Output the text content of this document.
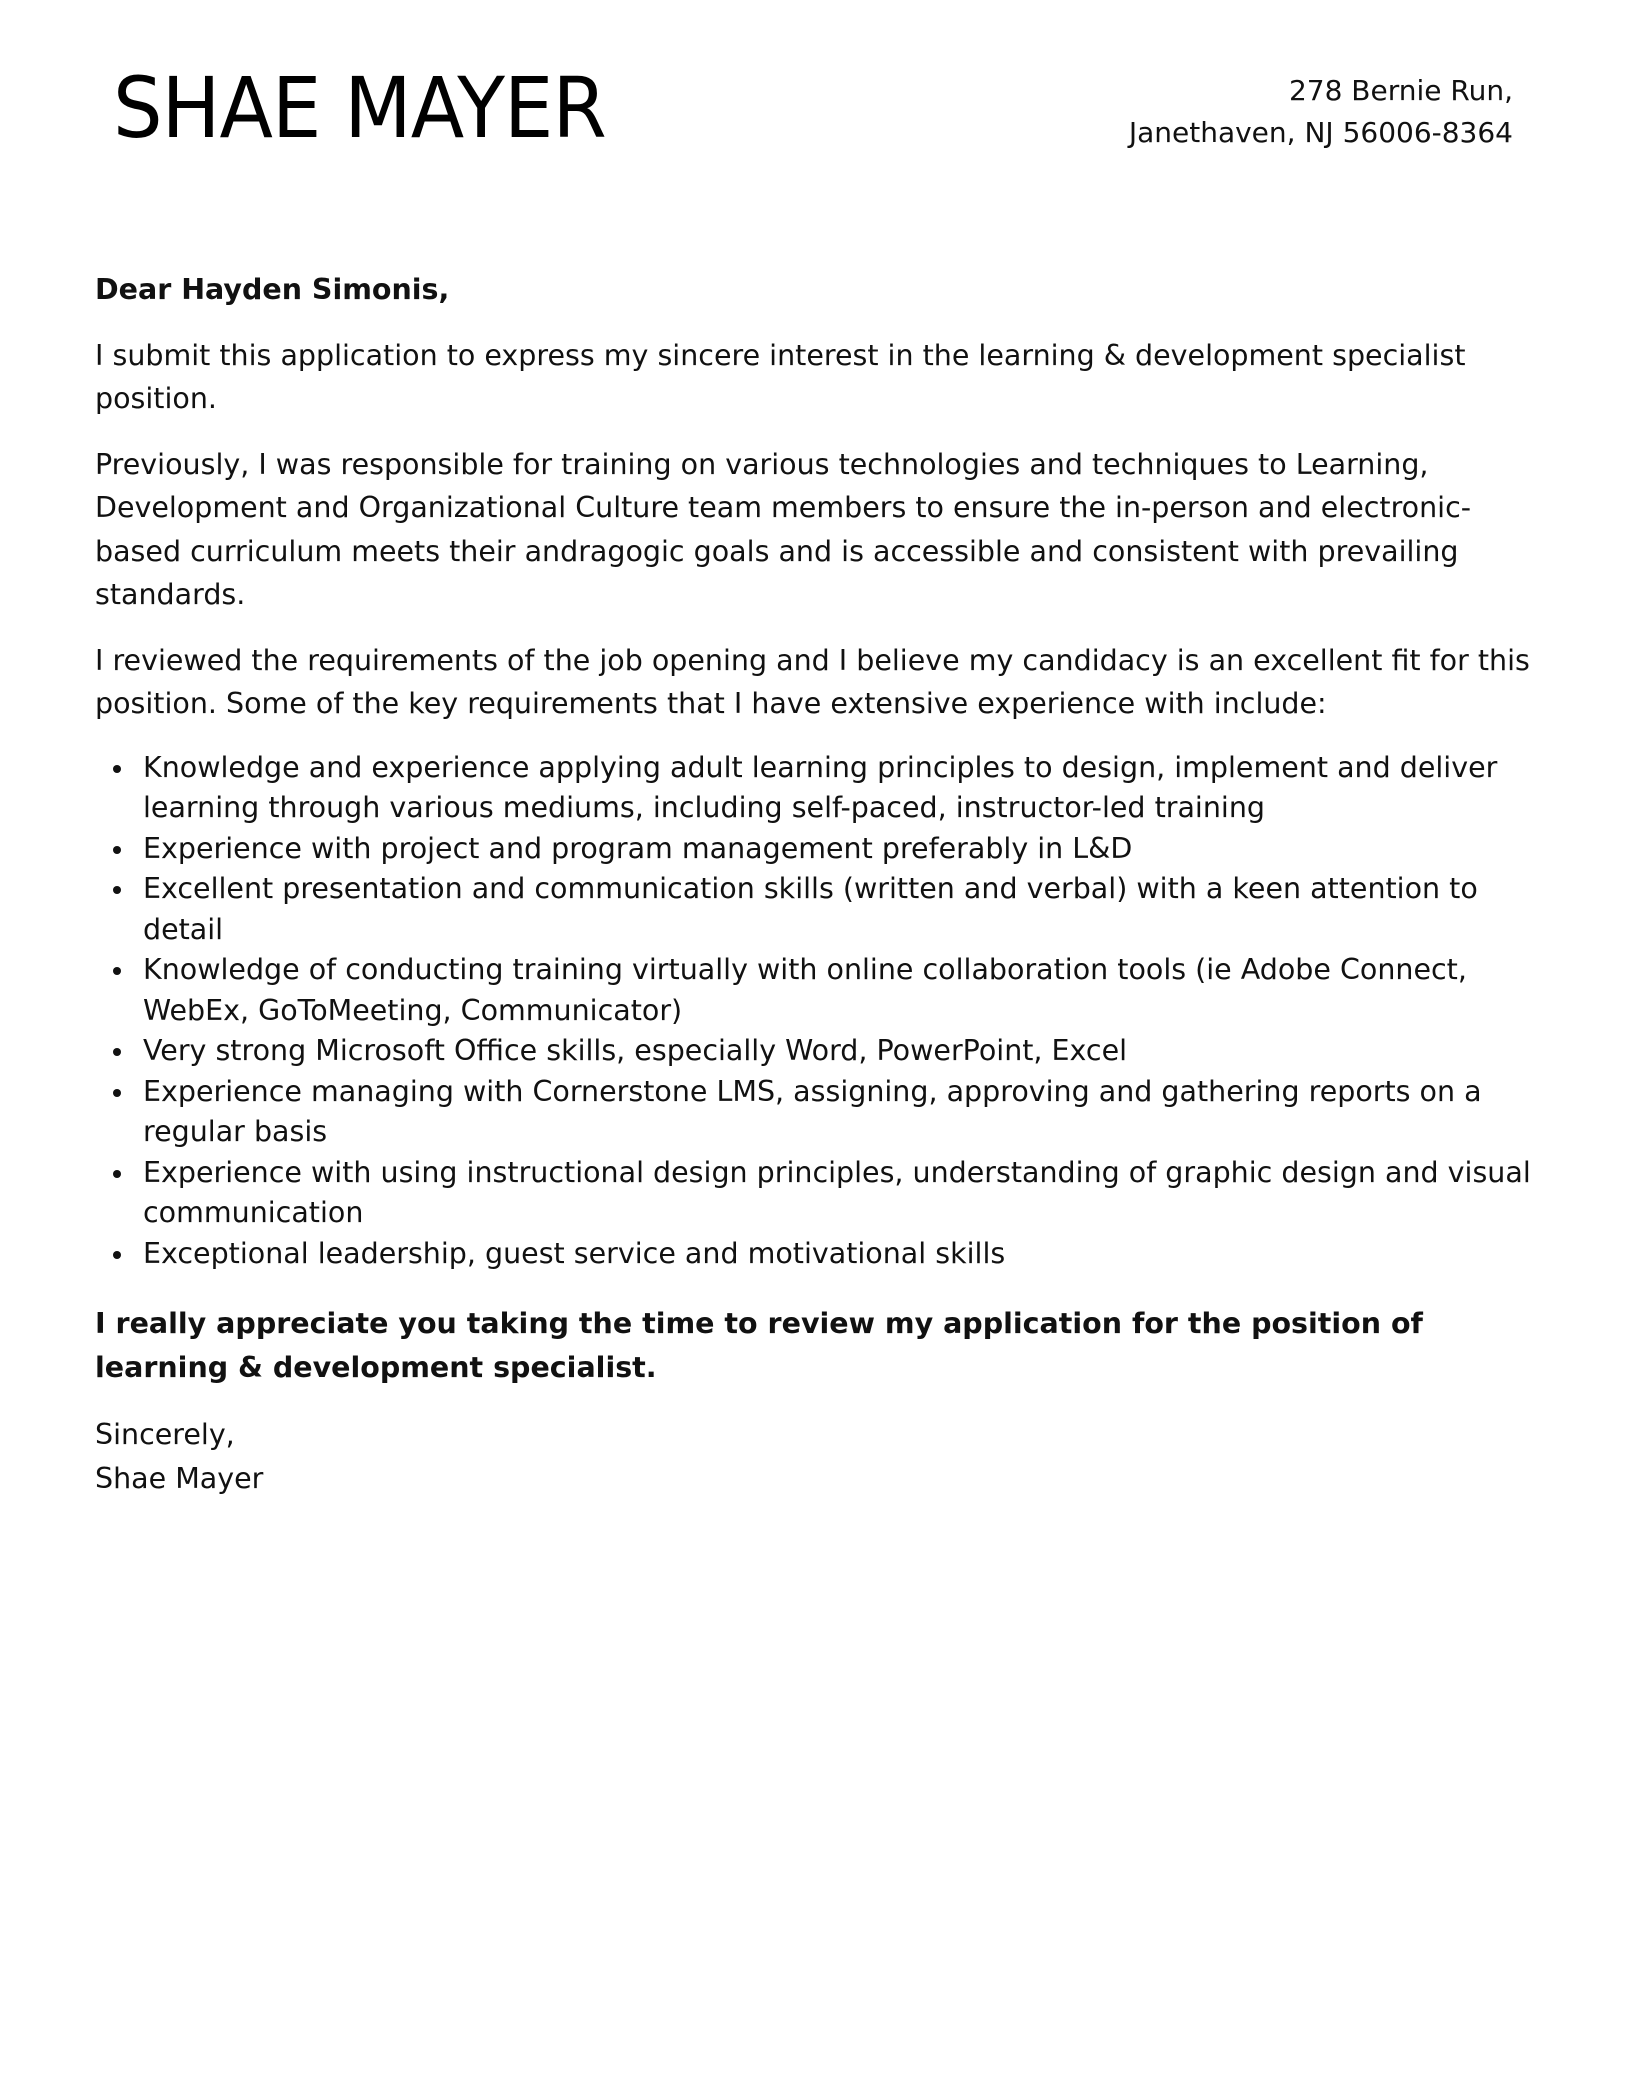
SHAE MAYER	278 Bernie Run,
Janethaven, NJ 56006-8364

Dear Hayden Simonis,

I submit this application to express my sincere interest in the learning & development specialist position.

Previously, I was responsible for training on various technologies and techniques to Learning, Development and Organizational Culture team members to ensure the in-person and electronic-based curriculum meets their andragogic goals and is accessible and consistent with prevailing standards.

I reviewed the requirements of the job opening and I believe my candidacy is an excellent fit for this position. Some of the key requirements that I have extensive experience with include:

Knowledge and experience applying adult learning principles to design, implement and deliver learning through various mediums, including self-paced, instructor-led training
Experience with project and program management preferably in L&D
Excellent presentation and communication skills (written and verbal) with a keen attention to detail
Knowledge of conducting training virtually with online collaboration tools (ie Adobe Connect, WebEx, GoToMeeting, Communicator)
Very strong Microsoft Office skills, especially Word, PowerPoint, Excel
Experience managing with Cornerstone LMS, assigning, approving and gathering reports on a regular basis
Experience with using instructional design principles, understanding of graphic design and visual communication
Exceptional leadership, guest service and motivational skills

I really appreciate you taking the time to review my application for the position of learning & development specialist.

Sincerely,
Shae Mayer
